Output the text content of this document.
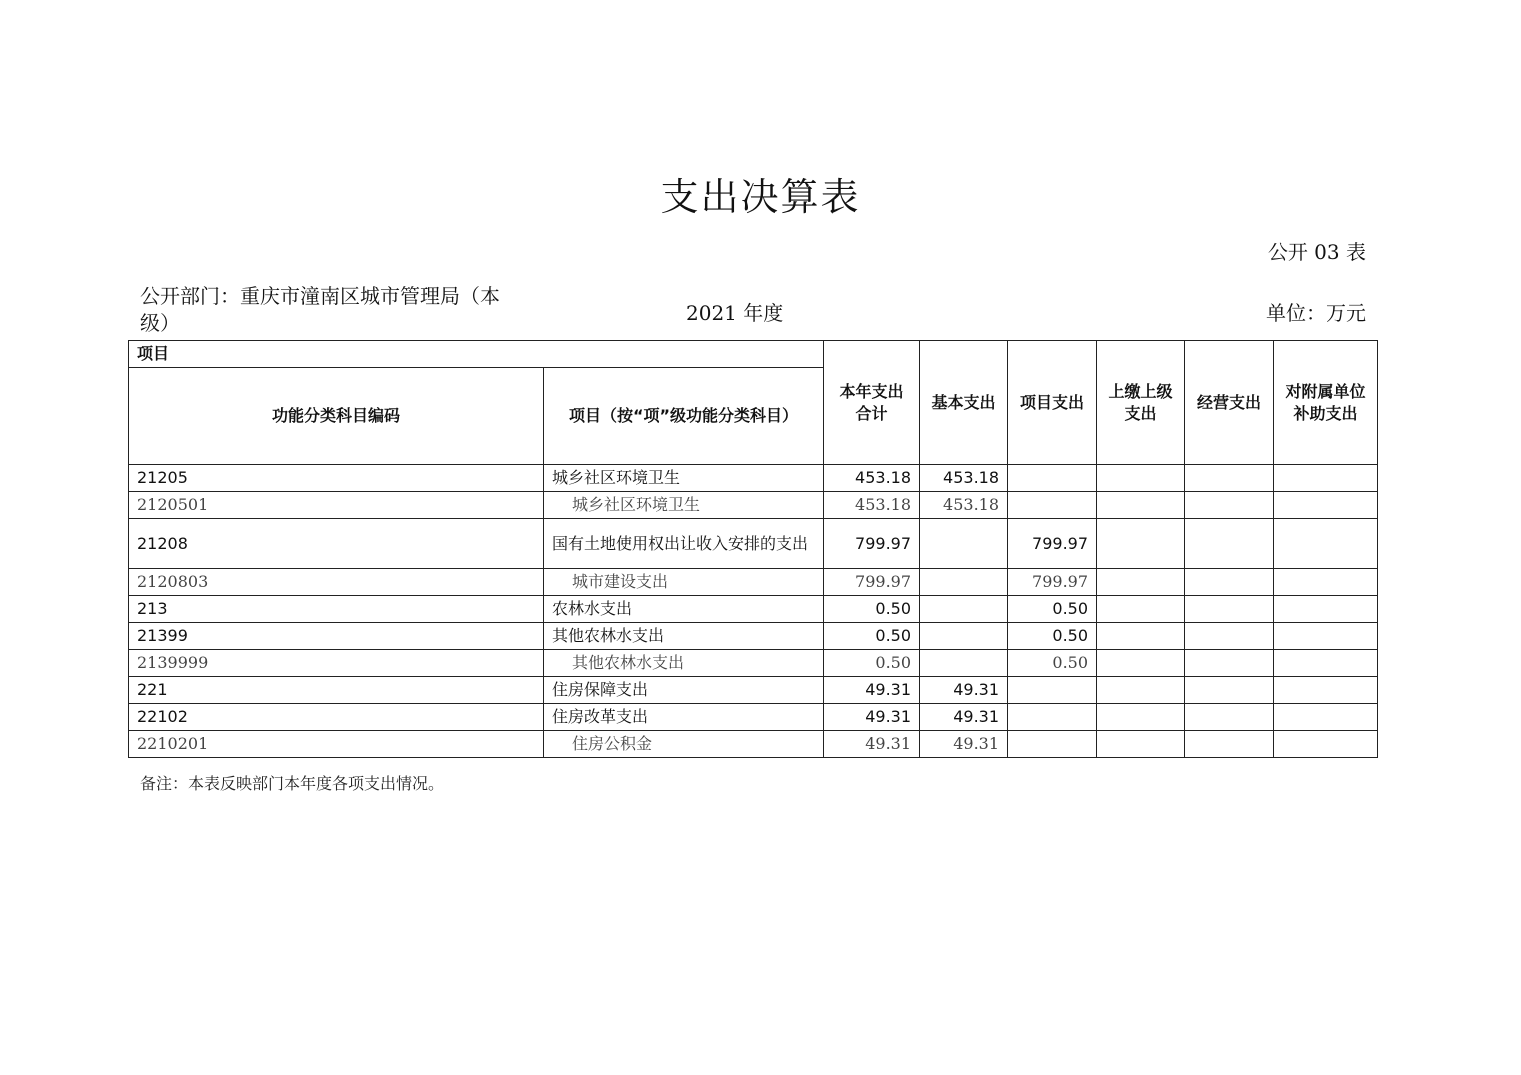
支出决算表
公开 03 表
公开部门：重庆市潼南区城市管理局（本级）	2021 年度	单位：万元
项目		本年支出合计	基本支出	项目支出	上缴上级支出	经营支出	对附属单位补助支出
功能分类科目编码	项目（按“项”级功能分类科目）						
21205	城乡社区环境卫生	453.18	453.18				
2120501	城乡社区环境卫生	453.18	453.18				
21208	国有土地使用权出让收入安排的支出	799.97		799.97			
2120803	城市建设支出	799.97		799.97			
213	农林水支出	0.50		0.50			
21399	其他农林水支出	0.50		0.50			
2139999	其他农林水支出	0.50		0.50			
221	住房保障支出	49.31	49.31				
22102	住房改革支出	49.31	49.31				
2210201	住房公积金	49.31	49.31				
备注：本表反映部门本年度各项支出情况。
